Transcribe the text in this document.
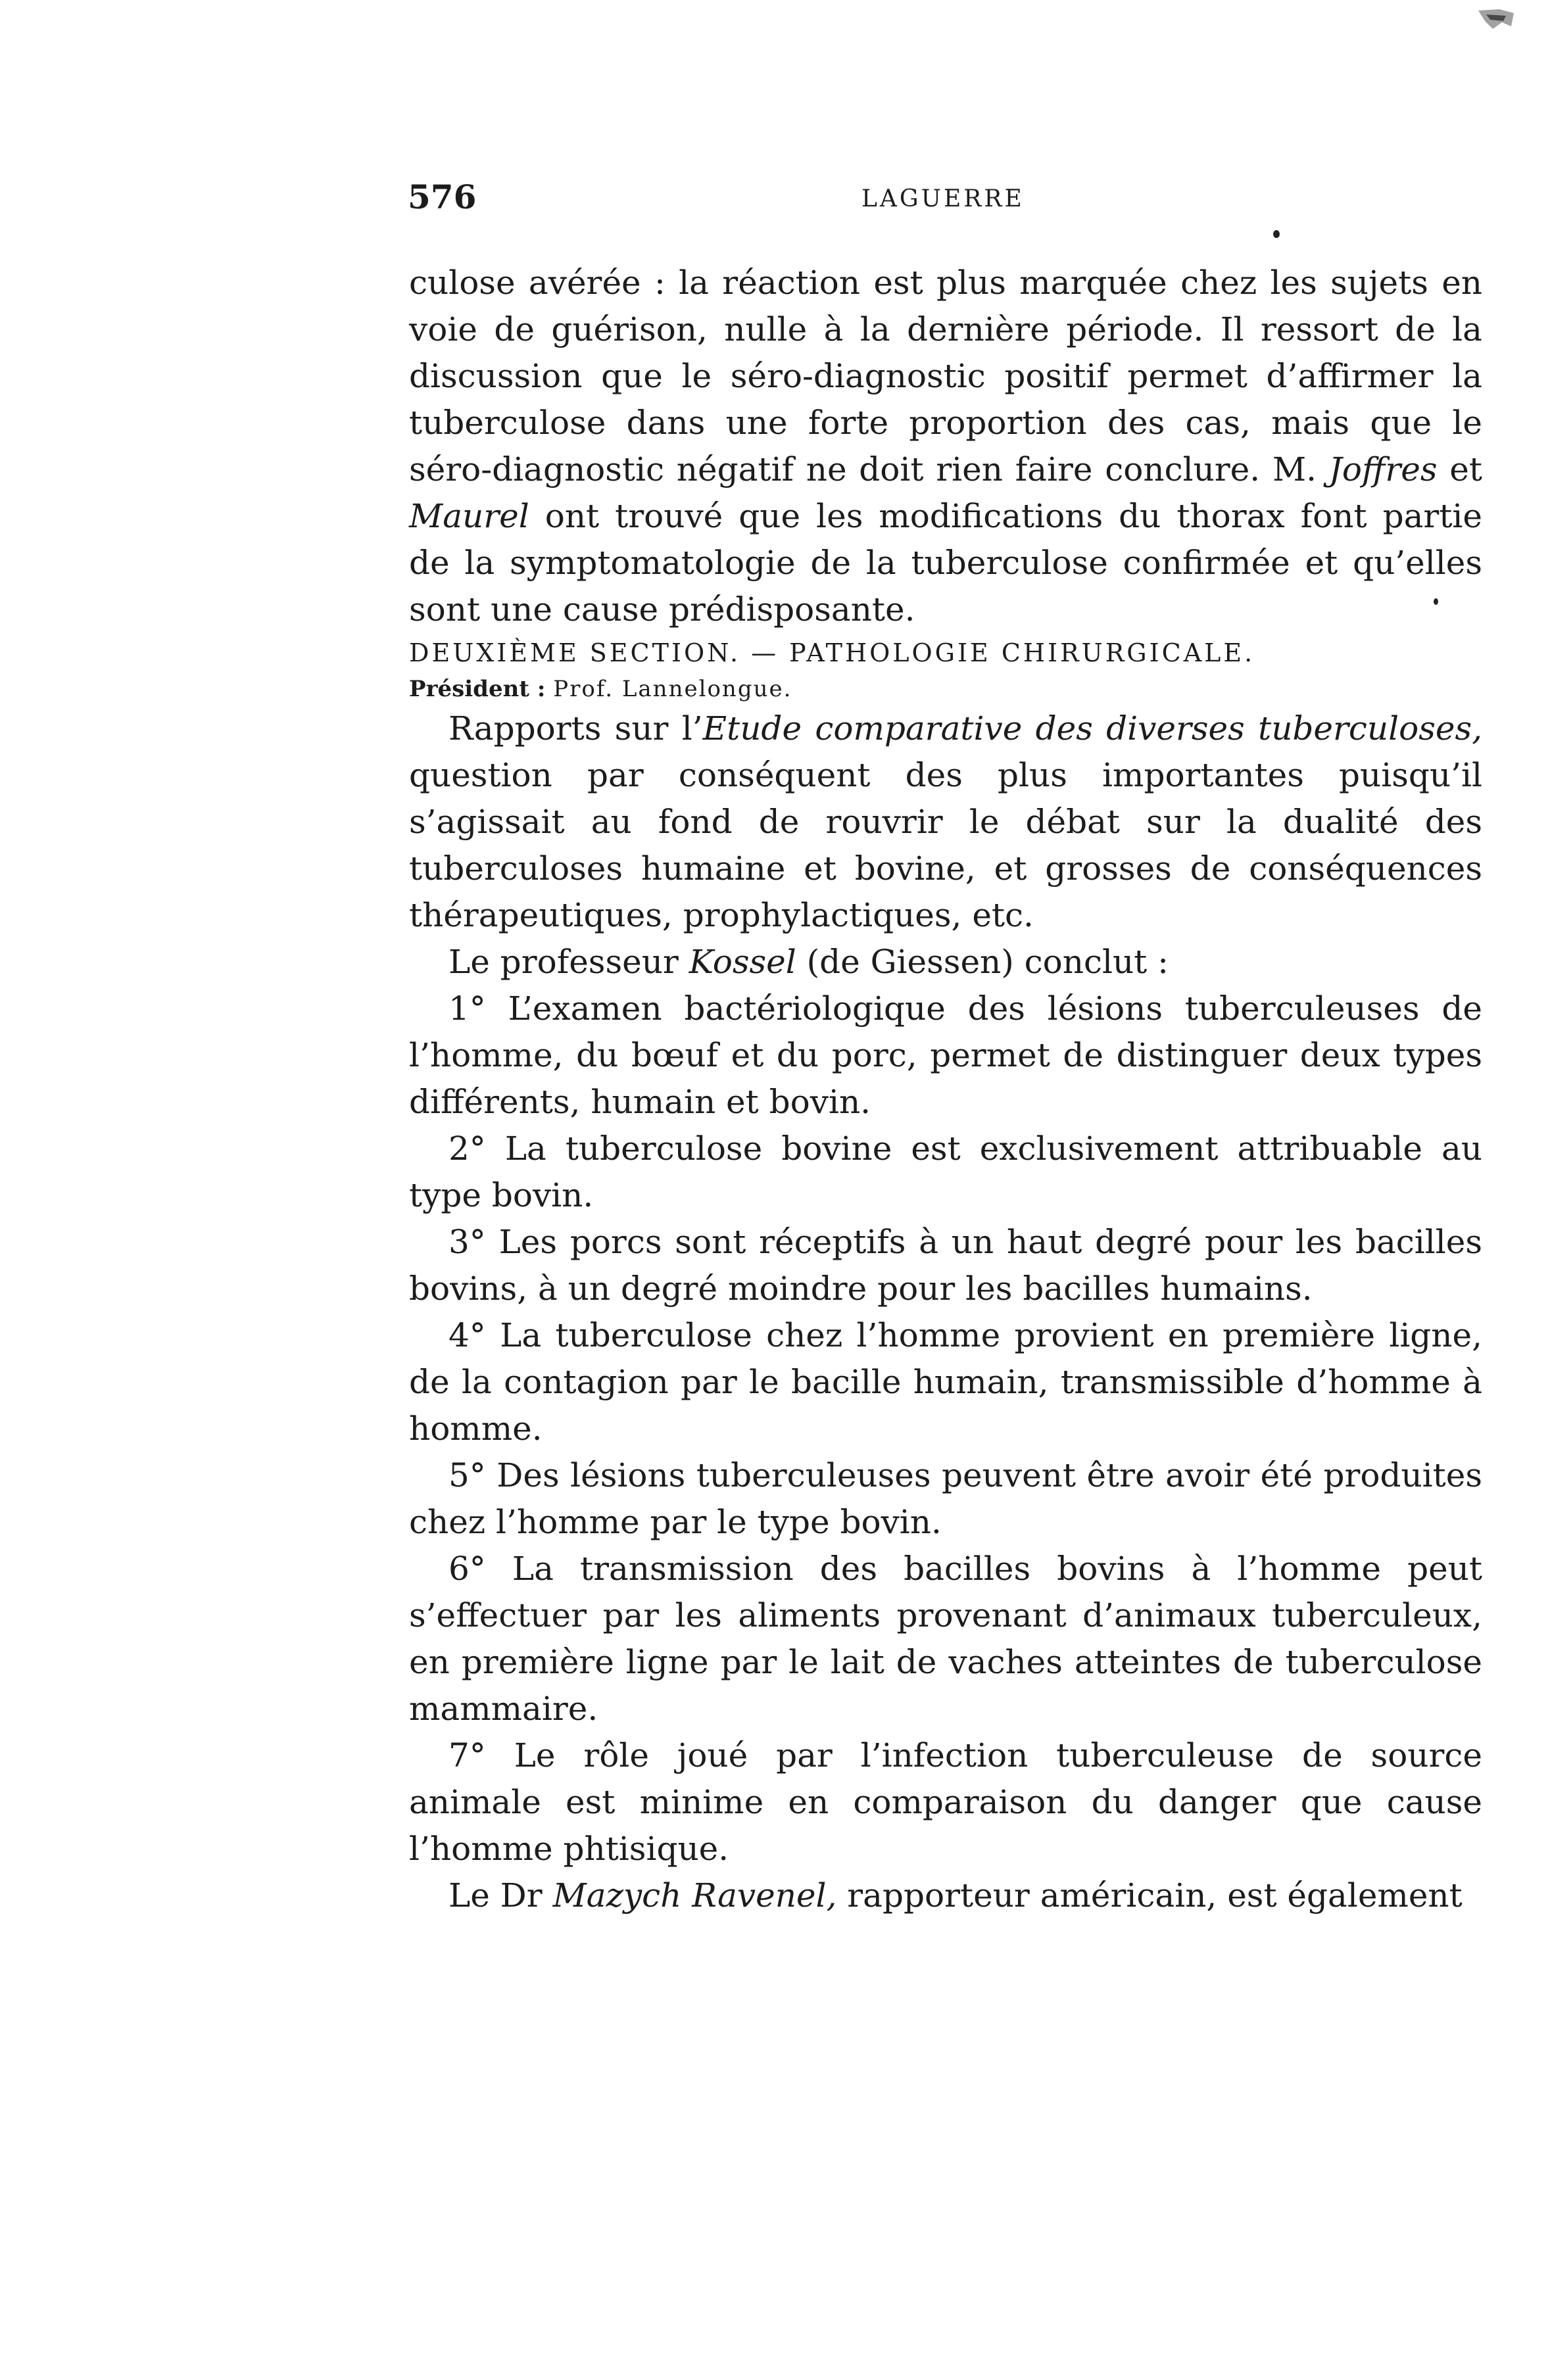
576	LAGUERRE

culose avérée : la réaction est plus marquée chez les sujets en voie de guérison, nulle à la dernière période. Il ressort de la discussion que le séro-diagnostic positif permet d’affirmer la tuberculose dans une forte proportion des cas, mais que le séro-diagnostic négatif ne doit rien faire conclure. M. Joffres et Maurel ont trouvé que les modifications du thorax font partie de la symptomatologie de la tuberculose confirmée et qu’elles sont une cause prédisposante.

DEUXIÈME SECTION. — PATHOLOGIE CHIRURGICALE.

Président : Prof. Lannelongue.

Rapports sur l’Etude comparative des diverses tuberculoses, question par conséquent des plus importantes puisqu’il s’agissait au fond de rouvrir le débat sur la dualité des tuberculoses humaine et bovine, et grosses de conséquences thérapeutiques, prophylactiques, etc.

Le professeur Kossel (de Giessen) conclut :

1° L’examen bactériologique des lésions tuberculeuses de l’homme, du bœuf et du porc, permet de distinguer deux types différents, humain et bovin.

2° La tuberculose bovine est exclusivement attribuable au type bovin.

3° Les porcs sont réceptifs à un haut degré pour les bacilles bovins, à un degré moindre pour les bacilles humains.

4° La tuberculose chez l’homme provient en première ligne, de la contagion par le bacille humain, transmissible d’homme à homme.

5° Des lésions tuberculeuses peuvent être avoir été produites chez l’homme par le type bovin.

6° La transmission des bacilles bovins à l’homme peut s’effectuer par les aliments provenant d’animaux tuberculeux, en première ligne par le lait de vaches atteintes de tuberculose mammaire.

7° Le rôle joué par l’infection tuberculeuse de source animale est minime en comparaison du danger que cause l’homme phtisique.

Le Dr Mazych Ravenel, rapporteur américain, est également
